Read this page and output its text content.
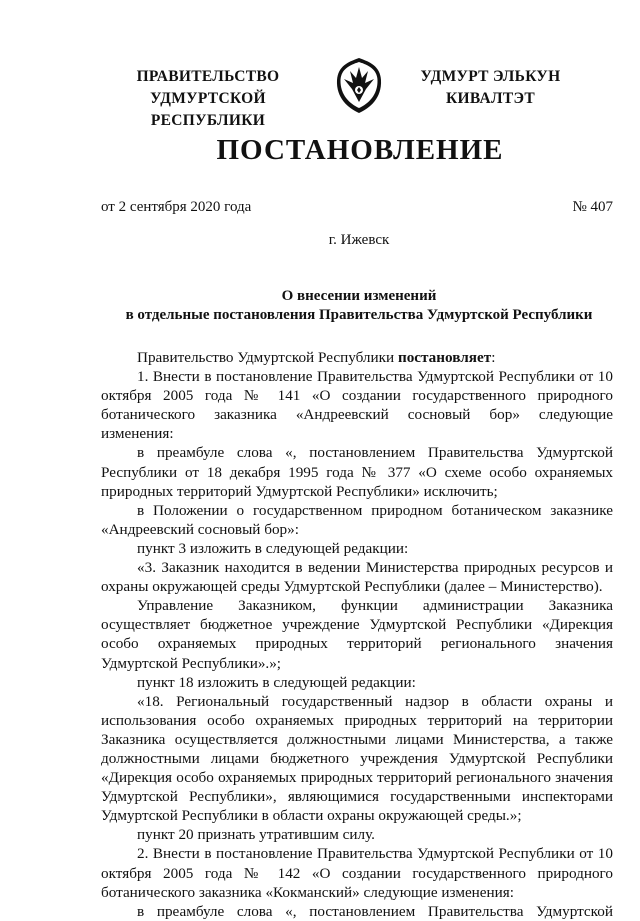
ПРАВИТЕЛЬСТВО
УДМУРТСКОЙ РЕСПУБЛИКИ
УДМУРТ ЭЛЬКУН
КИВАЛТЭТ
ПОСТАНОВЛЕНИЕ
от 2 сентября 2020 года	№ 407
г. Ижевск
О внесении изменений
в отдельные постановления Правительства Удмуртской Республики

Правительство Удмуртской Республики постановляет:

1. Внести в постановление Правительства Удмуртской Республики от 10 октября 2005 года № 141 «О создании государственного природного ботанического заказника «Андреевский сосновый бор» следующие изменения:

в преамбуле слова «, постановлением Правительства Удмуртской Республики от 18 декабря 1995 года № 377 «О схеме особо охраняемых природных территорий Удмуртской Республики» исключить;

в Положении о государственном природном ботаническом заказнике «Андреевский сосновый бор»:

пункт 3 изложить в следующей редакции:

«3. Заказник находится в ведении Министерства природных ресурсов и охраны окружающей среды Удмуртской Республики (далее – Министерство).

Управление Заказником, функции администрации Заказника осуществляет бюджетное учреждение Удмуртской Республики «Дирекция особо охраняемых природных территорий регионального значения Удмуртской Республики».»;

пункт 18 изложить в следующей редакции:

«18. Региональный государственный надзор в области охраны и использования особо охраняемых природных территорий на территории Заказника осуществляется должностными лицами Министерства, а также должностными лицами бюджетного учреждения Удмуртской Республики «Дирекция особо охраняемых природных территорий регионального значения Удмуртской Республики», являющимися государственными инспекторами Удмуртской Республики в области охраны окружающей среды.»;

пункт 20 признать утратившим силу.

2. Внести в постановление Правительства Удмуртской Республики от 10 октября 2005 года № 142 «О создании государственного природного ботанического заказника «Кокманский» следующие изменения:

в преамбуле слова «, постановлением Правительства Удмуртской
